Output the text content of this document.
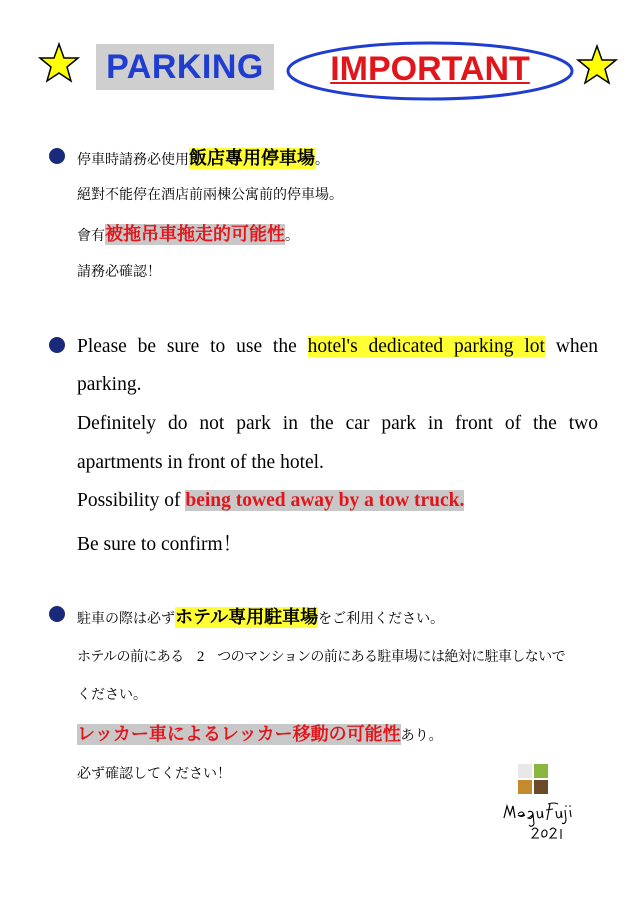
PARKING	IMPORTANT
停車時請務必使用飯店專用停車場。
絕對不能停在酒店前兩棟公寓前的停車場。
會有被拖吊車拖走的可能性。
請務必確認！
Please be sure to use the hotel's dedicated parking lot when
parking.
Definitely do not park in the car park in front of the two
apartments in front of the hotel.
Possibility of being towed away by a tow truck.
Be sure to confirm！
駐車の際は必ずホテル専用駐車場をご利用ください。
ホテルの前にある　2　つのマンションの前にある駐車場には絶対に駐車しないで
ください。
レッカー車によるレッカー移動の可能性あり。
必ず確認してください！
